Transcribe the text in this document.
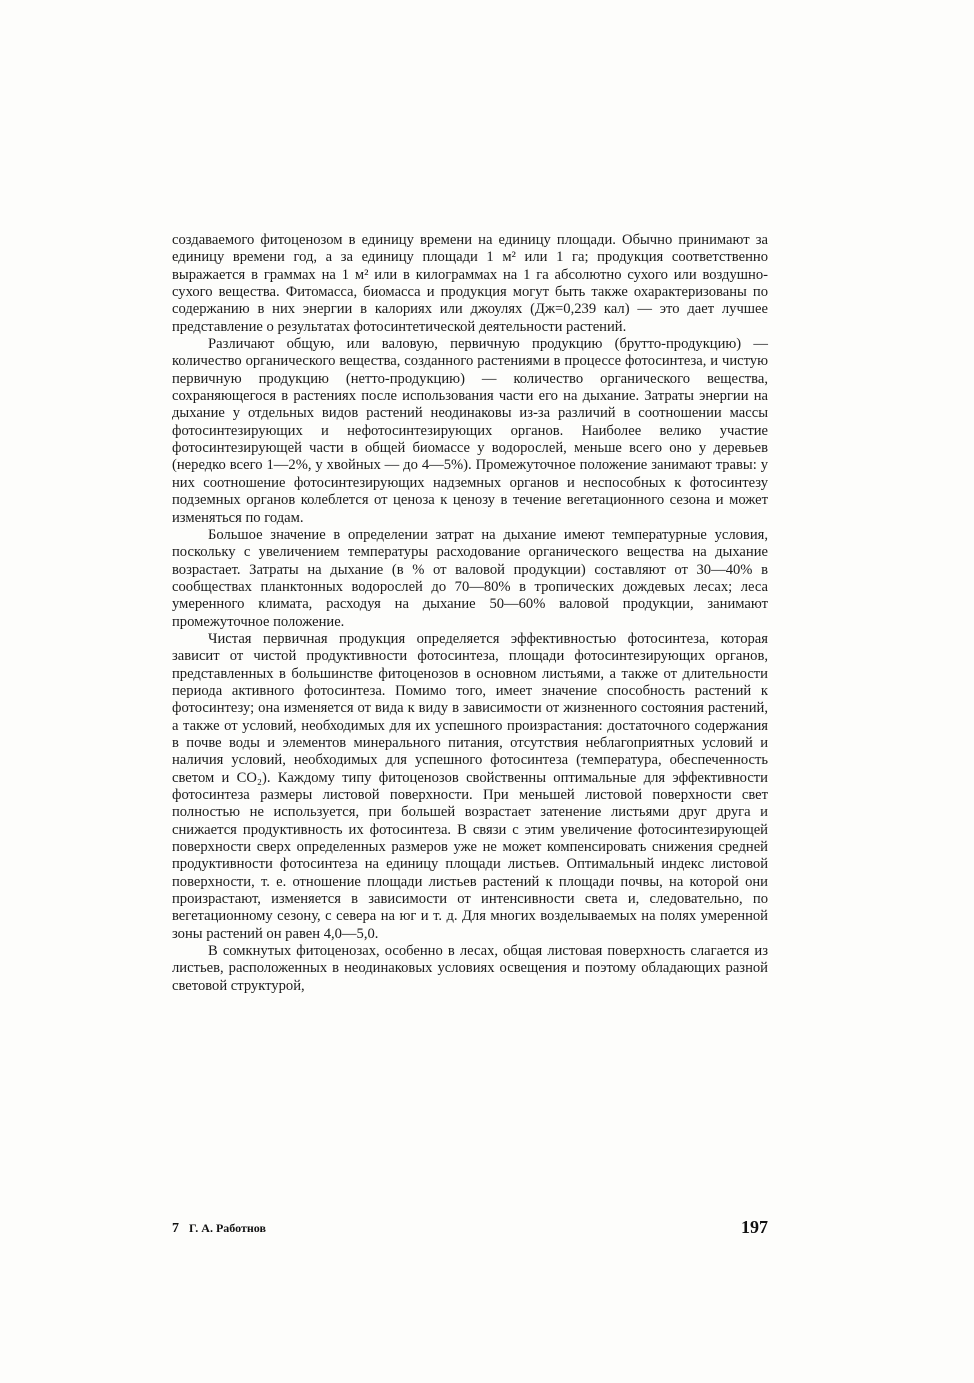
создаваемого фитоценозом в единицу времени на единицу площади. Обычно принимают за единицу времени год, а за единицу площади 1 м² или 1 га; продукция соответственно выражается в граммах на 1 м² или в килограммах на 1 га абсолютно сухого или воздушно-сухого вещества. Фитомасса, биомасса и продукция могут быть также охарактеризованы по содержанию в них энергии в калориях или джоулях (Дж=0,239 кал) — это дает лучшее представление о результатах фотосинтетической деятельности растений.

Различают общую, или валовую, первичную продукцию (брутто-продукцию) — количество органического вещества, созданного растениями в процессе фотосинтеза, и чистую первичную продукцию (нетто-продукцию) — количество органического вещества, сохраняющегося в растениях после использования части его на дыхание. Затраты энергии на дыхание у отдельных видов растений неодинаковы из-за различий в соотношении массы фотосинтезирующих и нефотосинтезирующих органов. Наиболее велико участие фотосинтезирующей части в общей биомассе у водорослей, меньше всего оно у деревьев (нередко всего 1—2%, у хвойных — до 4—5%). Промежуточное положение занимают травы: у них соотношение фотосинтезирующих надземных органов и неспособных к фотосинтезу подземных органов колеблется от ценоза к ценозу в течение вегетационного сезона и может изменяться по годам.

Большое значение в определении затрат на дыхание имеют температурные условия, поскольку с увеличением температуры расходование органического вещества на дыхание возрастает. Затраты на дыхание (в % от валовой продукции) составляют от 30—40% в сообществах планктонных водорослей до 70—80% в тропических дождевых лесах; леса умеренного климата, расходуя на дыхание 50—60% валовой продукции, занимают промежуточное положение.

Чистая первичная продукция определяется эффективностью фотосинтеза, которая зависит от чистой продуктивности фотосинтеза, площади фотосинтезирующих органов, представленных в большинстве фитоценозов в основном листьями, а также от длительности периода активного фотосинтеза. Помимо того, имеет значение способность растений к фотосинтезу; она изменяется от вида к виду в зависимости от жизненного состояния растений, а также от условий, необходимых для их успешного произрастания: достаточного содержания в почве воды и элементов минерального питания, отсутствия неблагоприятных условий и наличия условий, необходимых для успешного фотосинтеза (температура, обеспеченность светом и CO₂). Каждому типу фитоценозов свойственны оптимальные для эффективности фотосинтеза размеры листовой поверхности. При меньшей листовой поверхности свет полностью не используется, при большей возрастает затенение листьями друг друга и снижается продуктивность их фотосинтеза. В связи с этим увеличение фотосинтезирующей поверхности сверх определенных размеров уже не может компенсировать снижения средней продуктивности фотосинтеза на единицу площади листьев. Оптимальный индекс листовой поверхности, т. е. отношение площади листьев растений к площади почвы, на которой они произрастают, изменяется в зависимости от интенсивности света и, следовательно, по вегетационному сезону, с севера на юг и т. д. Для многих возделываемых на полях умеренной зоны растений он равен 4,0—5,0.

В сомкнутых фитоценозах, особенно в лесах, общая листовая поверхность слагается из листьев, расположенных в неодинаковых условиях освещения и поэтому обладающих разной световой структурой,

7 Г. А. Работнов	197
